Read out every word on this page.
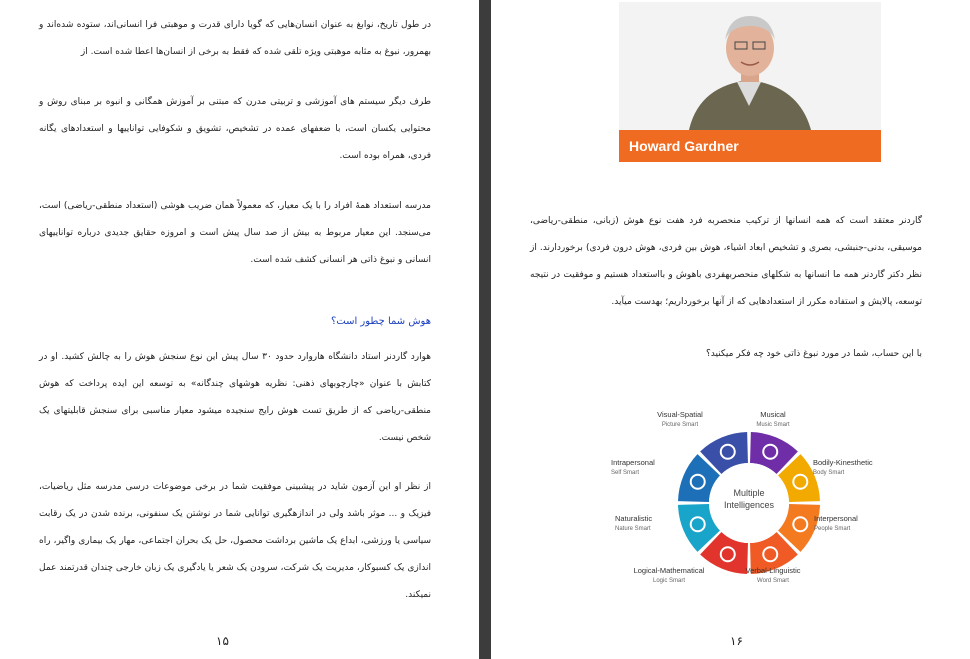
در طول تاریخ، نوابغ به عنوان انسان‌هایی که گویا دارای قدرت و موهبتی فرا انسانی‌اند، ستوده شده‌اند و بهمرور، نبوغ به مثابه موهبتی ویژه تلقی شده که فقط به برخی از انسان‌ها اعطا شده است. از

طرف دیگر سیستم های آموزشی و تربیتی مدرن که مبتنی بر آموزش همگانی و انبوه بر مبنای روش و محتوایی یکسان است، با ضعفهای عمده در تشخیص، تشویق و شکوفایی تواناییها و استعدادهای یگانه فردی، همراه بوده است.

مدرسه استعداد همهٔ افراد را با یک معیار، که معمولاً همان ضریب هوشی (استعداد منطقی-ریاضی) است، می‌سنجد. این معیار مربوط به بیش از صد سال پیش است و امروزه حقایق جدیدی درباره تواناییهای انسانی و نبوغ ذاتی هر انسانی کشف شده است.

هوش شما چطور است؟

هوارد گاردنر استاد دانشگاه هاروارد حدود ۳۰ سال پیش این نوع سنجش هوش را به چالش کشید. او در کتابش با عنوان «چارچوبهای ذهنی: نظریه هوشهای چندگانه» به توسعه این ایده پرداخت که هوش منطقی-ریاضی که از طریق تست هوش رایج سنجیده میشود معیار مناسبی برای سنجش قابلیتهای یک شخص نیست.

از نظر او این آزمون شاید در پیشبینی موفقیت شما در برخی موضوعات درسی مدرسه مثل ریاضیات، فیزیک و ... موثر باشد ولی در اندازهگیری توانایی شما در نوشتن یک سنفونی، برنده شدن در یک رقابت سیاسی یا ورزشی، ابداع یک ماشین برداشت محصول، حل یک بحران اجتماعی، مهار یک بیماری واگیر، راه اندازی یک کسبوکار، مدیریت یک شرکت، سرودن یک شعر یا یادگیری یک زبان خارجی چندان قدرتمند عمل نمیکند.

۱۵
Howard Gardner

گاردنر معتقد است که همه انسانها از ترکیب منحصربه فرد هفت نوع هوش (زبانی، منطقی-ریاضی، موسیقی، بدنی-جنبشی، بصری و تشخیص ابعاد اشیاء، هوش بین فردی، هوش درون فردی) برخوردارند. از نظر دکتر گاردنر همه ما انسانها به شکلهای منحصربهفردی باهوش و بااستعداد هستیم و موفقیت در نتیجه توسعه، پالایش و استفاده مکرر از استعدادهایی که از آنها برخورداریم؛ بهدست میآید.

با این حساب، شما در مورد نبوغ ذاتی خود چه فکر میکنید؟

Multiple
Intelligences
Musical
Music Smart
Bodily-Kinesthetic
Body Smart
Interpersonal
People Smart
Verbal-Linguistic
Word Smart
Logical-Mathematical
Logic Smart
Naturalistic
Nature Smart
Intrapersonal
Self Smart
Visual-Spatial
Picture Smart
۱۶
